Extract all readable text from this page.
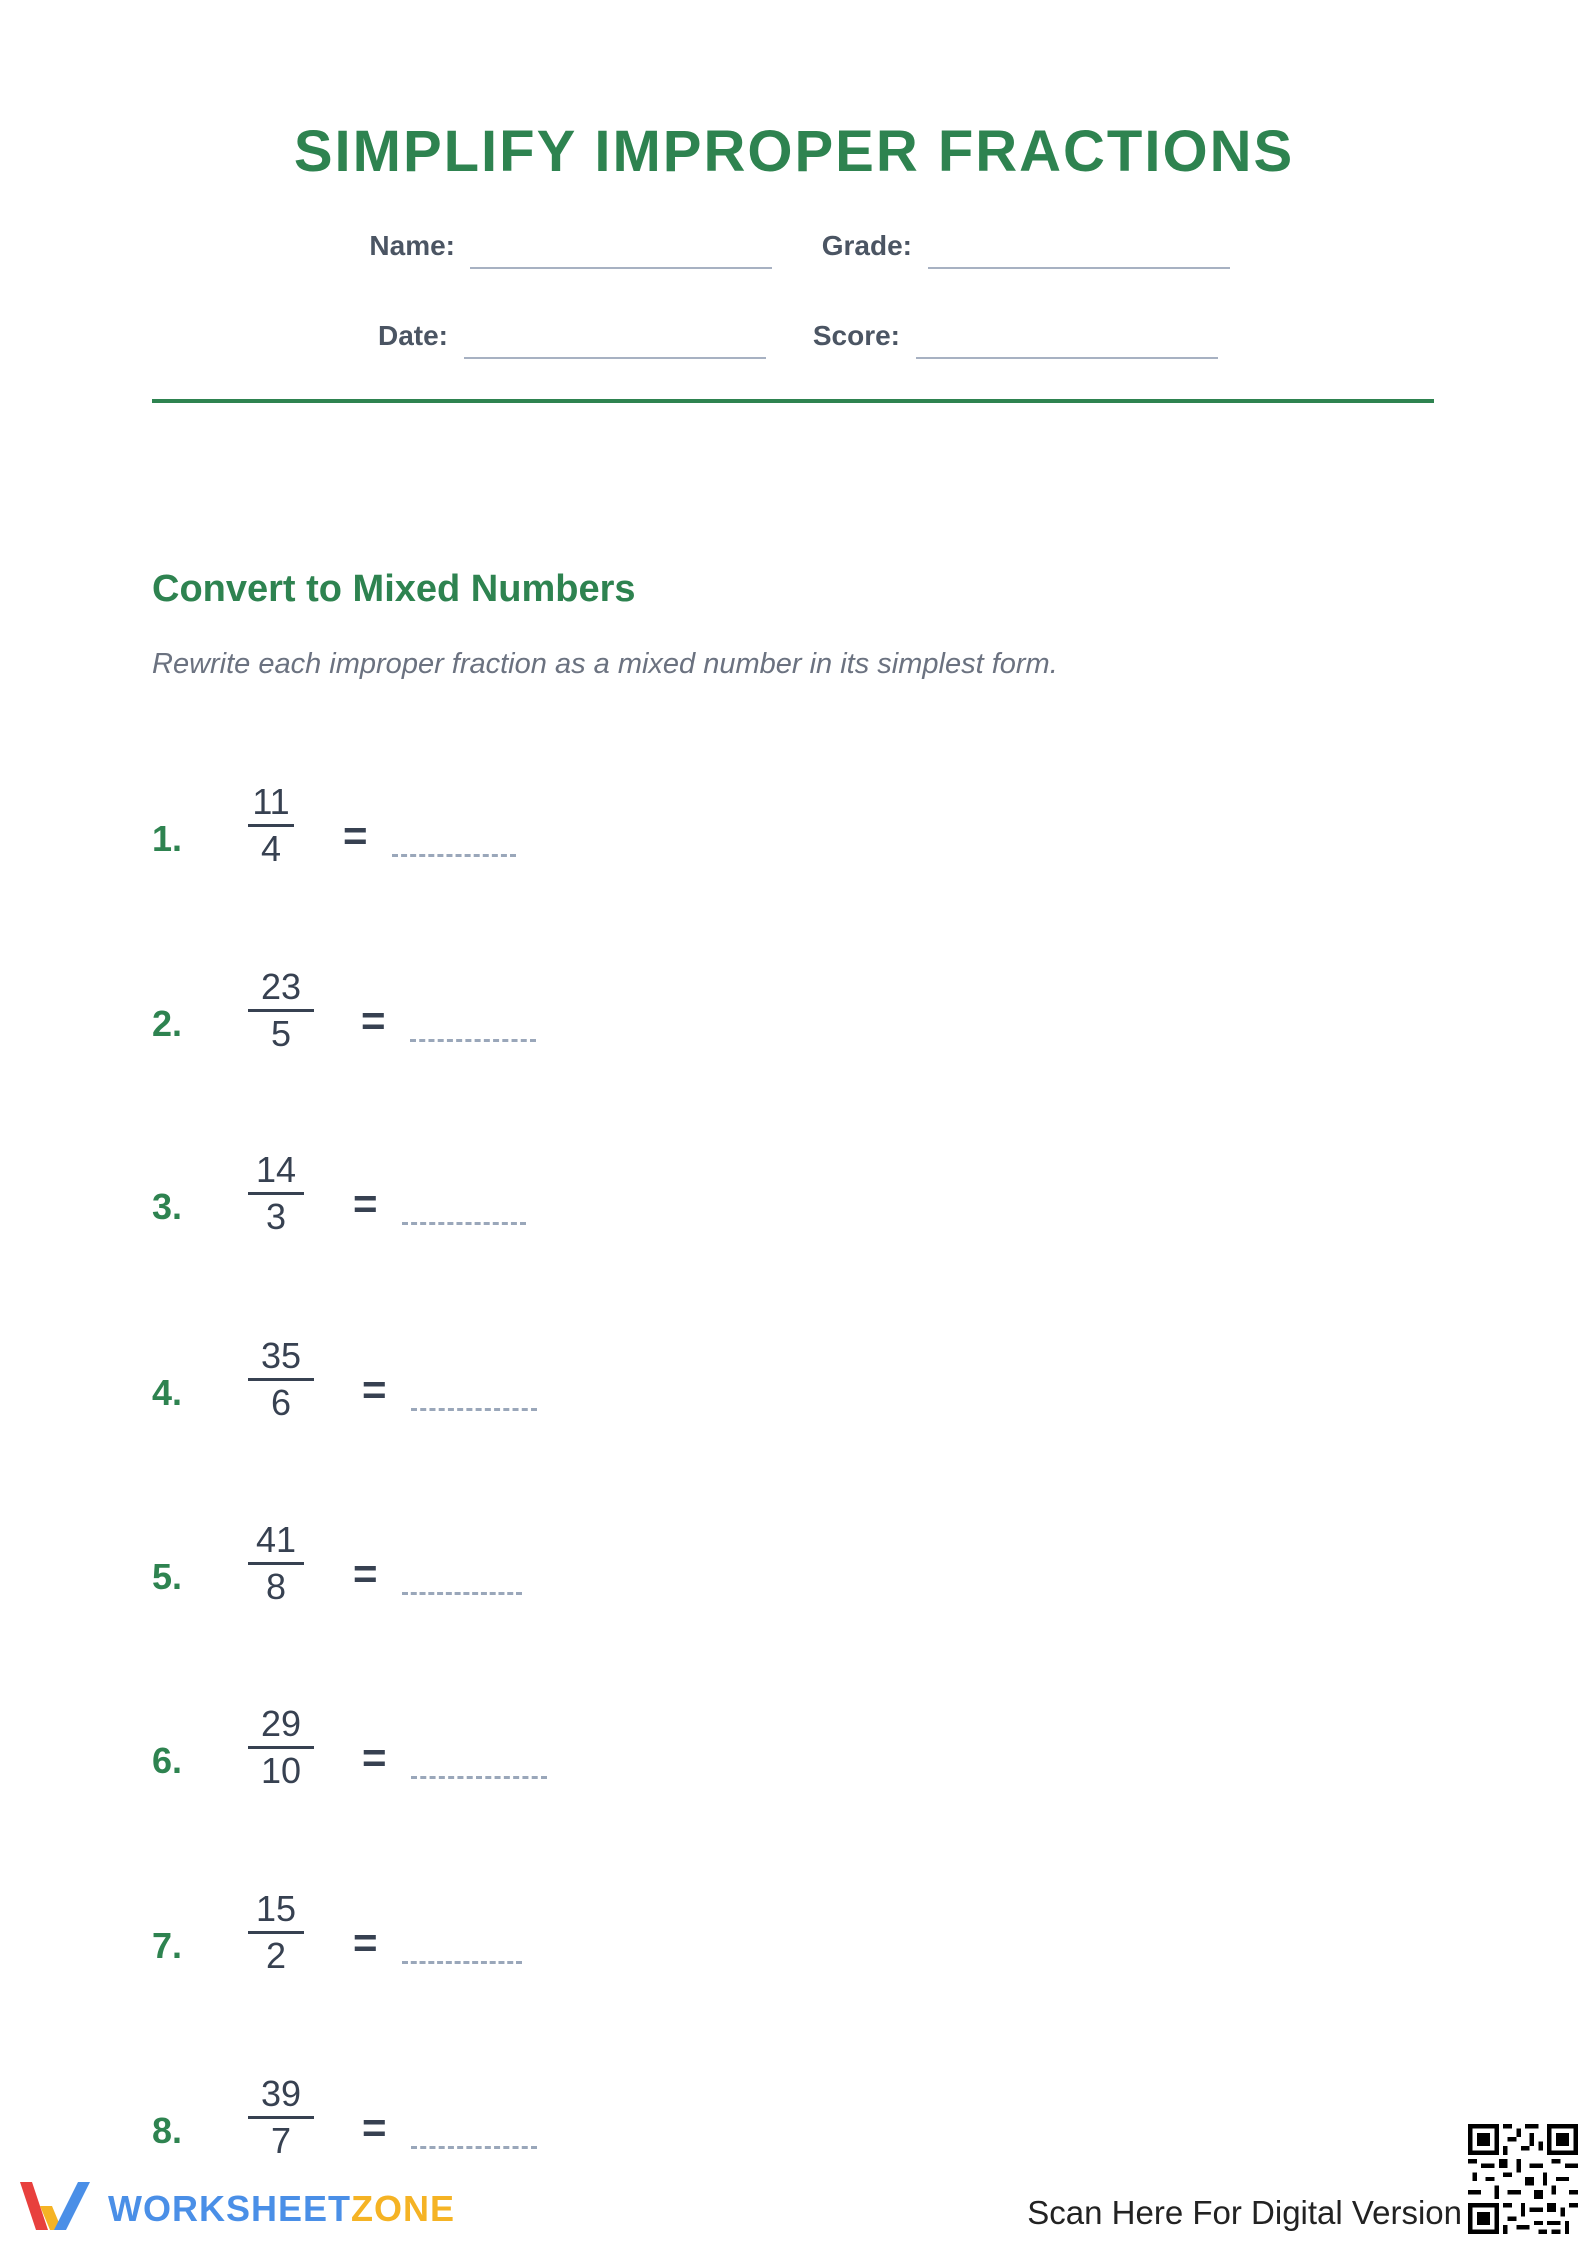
SIMPLIFY IMPROPER FRACTIONS
Name:	Grade:
Date:	Score:
Convert to Mixed Numbers
Rewrite each improper fraction as a mixed number in its simplest form.
1.
11
4	=
2.
23
5	=
3.
14
3	=
4.
35
6	=
5.
41
8	=
6.
29
10	=
7.
15
2	=
8.
39
7	=
WORKSHEETZONE	Scan Here For Digital Version
